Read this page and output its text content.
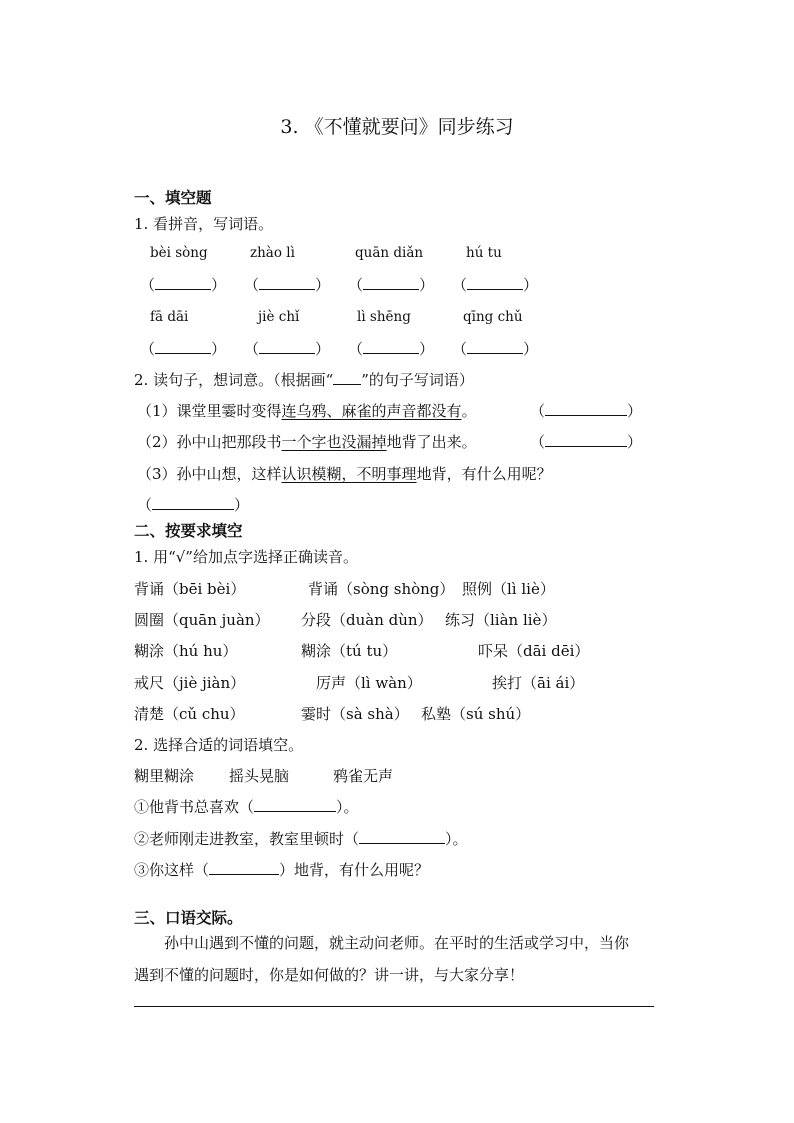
3. 《不懂就要问》同步练习
一、填空题
1. 看拼音，写词语。
bèi sòng	zhào lì	quān diǎn	hú tu
（	） （	） （	） （	）
fā dāi	jiè chǐ	lì shēng	qīng chǔ
（	） （	） （	） （	）
2. 读句子，想词意。（根据画“ ”的句子写词语）
（1）课堂里霎时变得连乌鸦、麻雀的声音都没有。	（	）
（2）孙中山把那段书一个字也没漏掉地背了出来。	（	）
（3）孙中山想，这样认识模糊，不明事理地背，有什么用呢？
（	）
二、按要求填空
1. 用“√”给加点字选择正确读音。
背诵（bēi bèi）	背诵（sòng shòng） 照例（lì liè）
圆圈（quān juàn） 分段（duàn dùn） 练习（liàn liè）
糊涂（hú hu）	糊涂（tú tu）	吓呆（dāi dēi）
戒尺（jiè jiàn）	厉声（lì wàn）	挨打（āi ái）
清楚（cǔ chu）	霎时（sà shà） 私塾（sú shú）
2. 选择合适的词语填空。
糊里糊涂 摇头晃脑	鸦雀无声
①他背书总喜欢（	）。
②老师刚走进教室，教室里顿时（	）。
③你这样（	）地背，有什么用呢？
三、口语交际。
孙中山遇到不懂的问题，就主动问老师。在平时的生活或学习中，当你
遇到不懂的问题时，你是如何做的？讲一讲，与大家分享！
